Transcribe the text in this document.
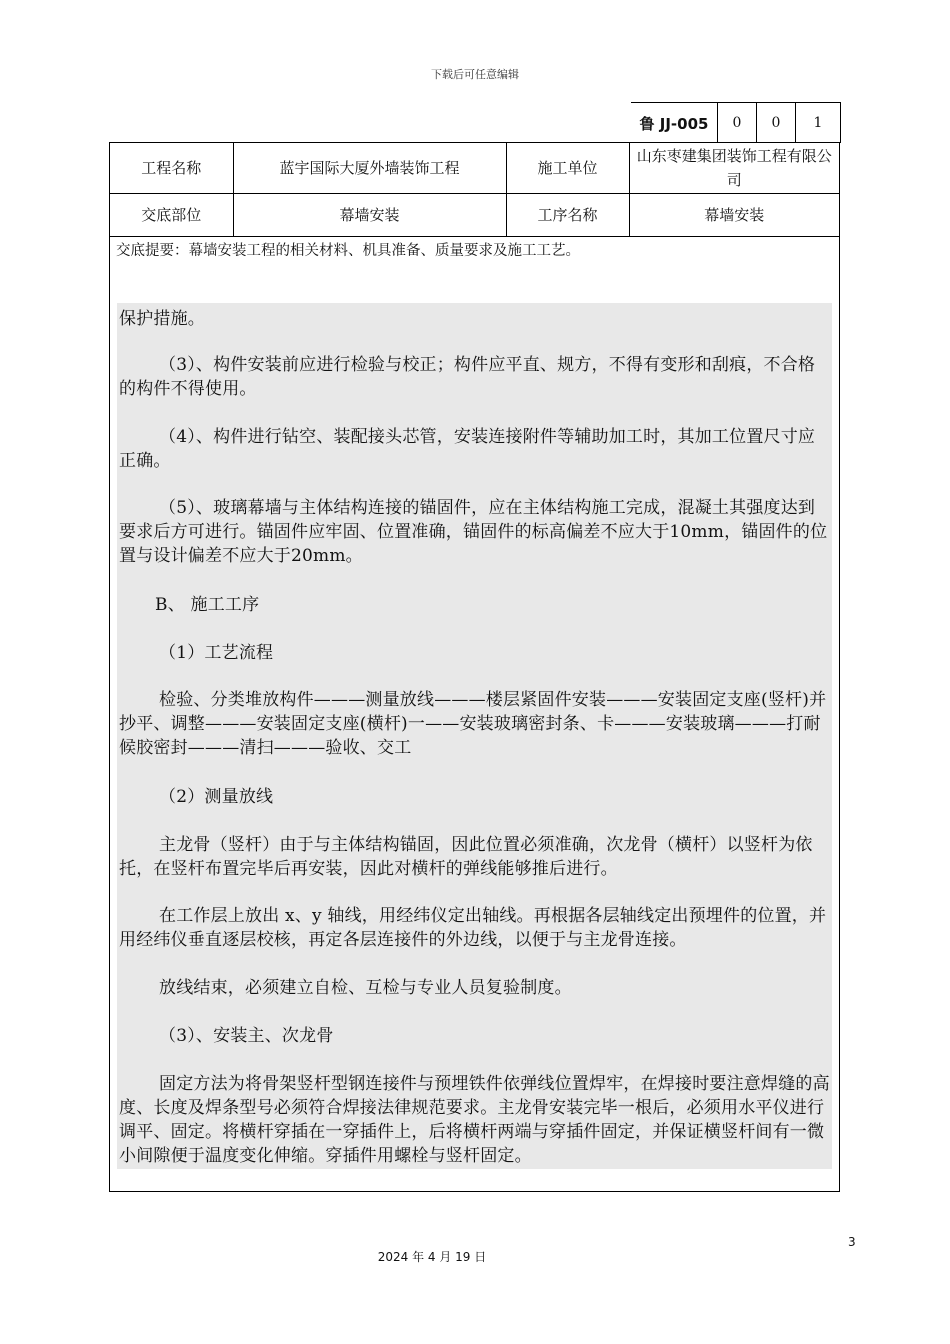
下载后可任意编辑
鲁 JJ-005	0	0	1
工程名称	蓝宇国际大厦外墙装饰工程	施工单位	山东枣建集团装饰工程有限公司
交底部位	幕墙安装	工序名称	幕墙安装
交底提要：幕墙安装工程的相关材料、机具准备、质量要求及施工工艺。

保护措施。

（3）、构件安装前应进行检验与校正；构件应平直、规方，不得有变形和刮痕，不合格的构件不得使用。

（4）、构件进行钻空、装配接头芯管，安装连接附件等辅助加工时，其加工位置尺寸应正确。

（5）、玻璃幕墙与主体结构连接的锚固件，应在主体结构施工完成，混凝土其强度达到要求后方可进行。锚固件应牢固、位置准确，锚固件的标高偏差不应大于10mm，锚固件的位置与设计偏差不应大于20mm。

B、 施工工序

（1）工艺流程

检验、分类堆放构件———测量放线———楼层紧固件安装———安装固定支座(竖杆)并抄平、调整———安装固定支座(横杆)一——安装玻璃密封条、卡———安装玻璃———打耐候胶密封———清扫———验收、交工

（2）测量放线

主龙骨（竖杆）由于与主体结构锚固，因此位置必须准确，次龙骨（横杆）以竖杆为依托，在竖杆布置完毕后再安装，因此对横杆的弹线能够推后进行。

在工作层上放出 x、y 轴线，用经纬仪定出轴线。再根据各层轴线定出预埋件的位置，并用经纬仪垂直逐层校核，再定各层连接件的外边线，以便于与主龙骨连接。

放线结束，必须建立自检、互检与专业人员复验制度。

（3）、安装主、次龙骨

固定方法为将骨架竖杆型钢连接件与预埋铁件依弹线位置焊牢，在焊接时要注意焊缝的高度、长度及焊条型号必须符合焊接法律规范要求。主龙骨安装完毕一根后，必须用水平仪进行调平、固定。将横杆穿插在一穿插件上，后将横杆两端与穿插件固定，并保证横竖杆间有一微小间隙便于温度变化伸缩。穿插件用螺栓与竖杆固定。

3
2024 年 4 月 19 日
